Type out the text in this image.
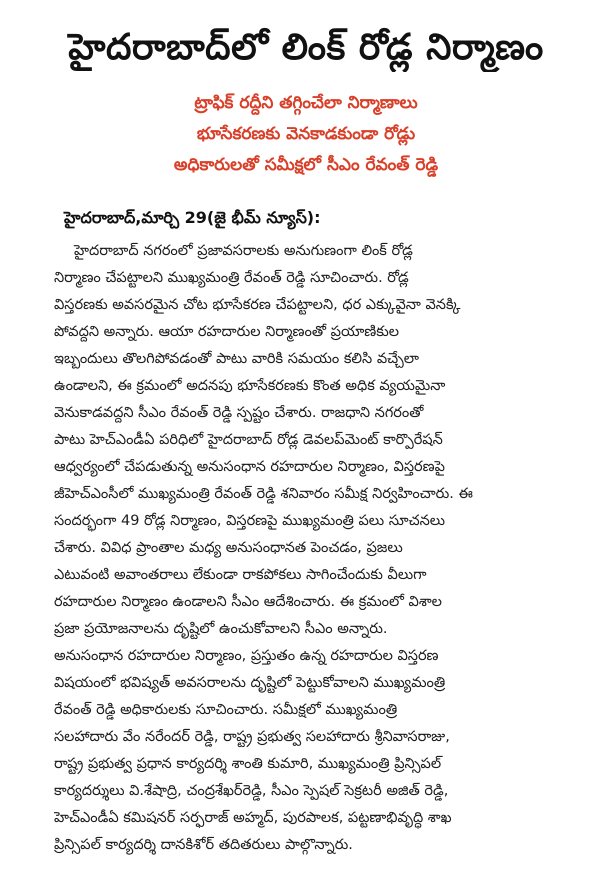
హైదరాబాద్‌లో లింక్‌ రోడ్ల నిర్మాణం
ట్రాఫిక్‌ రద్దీని తగ్గించేలా నిర్మాణాలు
భూసేకరణకు వెనకాడకుండా రోడ్లు
అధికారులతో సమీక్షలో సీఎం రేవంత్‌ రెడ్డి
హైదరాబాద్‌,మార్చి 29(జై భీమ్‌ న్యూస్‌):
హైదరాబాద్‌ నగరంలో ప్రజావసరాలకు అనుగుణంగా లింక్‌ రోడ్ల
నిర్మాణం చేపట్టాలని ముఖ్యమంత్రి రేవంత్‌ రెడ్డి సూచించారు. రోడ్ల
విస్తరణకు అవసరమైన చోట భూసేకరణ చేపట్టాలని, ధర ఎక్కువైనా వెనక్కి
పోవద్దని అన్నారు. ఆయా రహదారుల నిర్మాణంతో ప్రయాణికుల
ఇబ్బందులు తొలగిపోవడంతో పాటు వారికి సమయం కలిసి వచ్చేలా
ఉండాలని, ఈ క్రమంలో అదనపు భూసేకరణకు కొంత అధిక వ్యయమైనా
వెనుకాడవద్దని సీఎం రేవంత్‌ రెడ్డి స్పష్టం చేశారు. రాజధాని నగరంతో
పాటు హెచ్‌ఎండీఏ పరిధిలో హైదరాబాద్‌ రోడ్ల డెవలప్‌మెంట్‌ కార్పొరేషన్‌
ఆధ్వర్యంలో చేపడుతున్న అనుసంధాన రహదారుల నిర్మాణం, విస్తరణపై
జీహెచ్‌ఎంసీలో ముఖ్యమంత్రి రేవంత్‌ రెడ్డి శనివారం సమీక్ష నిర్వహించారు. ఈ
సందర్భంగా 49 రోడ్ల నిర్మాణం, విస్తరణపై ముఖ్యమంత్రి పలు సూచనలు
చేశారు. వివిధ ప్రాంతాల మధ్య అనుసంధానత పెంచడం, ప్రజలు
ఎటువంటి అవాంతరాలు లేకుండా రాకపోకలు సాగించేందుకు వీలుగా
రహదారుల నిర్మాణం ఉండాలని సీఎం ఆదేశించారు. ఈ క్రమంలో విశాల
ప్రజా ప్రయోజనాలను దృష్టిలో ఉంచుకోవాలని సీఎం అన్నారు.
అనుసంధాన రహదారుల నిర్మాణం, ప్రస్తుతం ఉన్న రహదారుల విస్తరణ
విషయంలో భవిష్యత్‌ అవసరాలను దృష్టిలో పెట్టుకోవాలని ముఖ్యమంత్రి
రేవంత్‌ రెడ్డి అధికారులకు సూచించారు. సమీక్షలో ముఖ్యమంత్రి
సలహాదారు వేం నరేందర్‌ రెడ్డి, రాష్ట్ర ప్రభుత్వ సలహాదారు శ్రీనివాసరాజు,
రాష్ట్ర ప్రభుత్వ ప్రధాన కార్యదర్శి శాంతి కుమారి, ముఖ్యమంత్రి ప్రిన్సిపల్‌
కార్యదర్శులు వి.శేషాద్రి, చంద్రశేఖర్‌రెడ్డి, సీఎం స్పెషల్‌ సెక్రటరీ అజిత్‌ రెడ్డి,
హెచ్‌ఎండీఏ కమిషనర్‌ సర్ఫరాజ్‌ అహ్మద్‌, పురపాలక, పట్టణాభివృద్ధి శాఖ
ప్రిన్సిపల్‌ కార్యదర్శి దానకిశోర్‌ తదితరులు పాల్గొన్నారు.
